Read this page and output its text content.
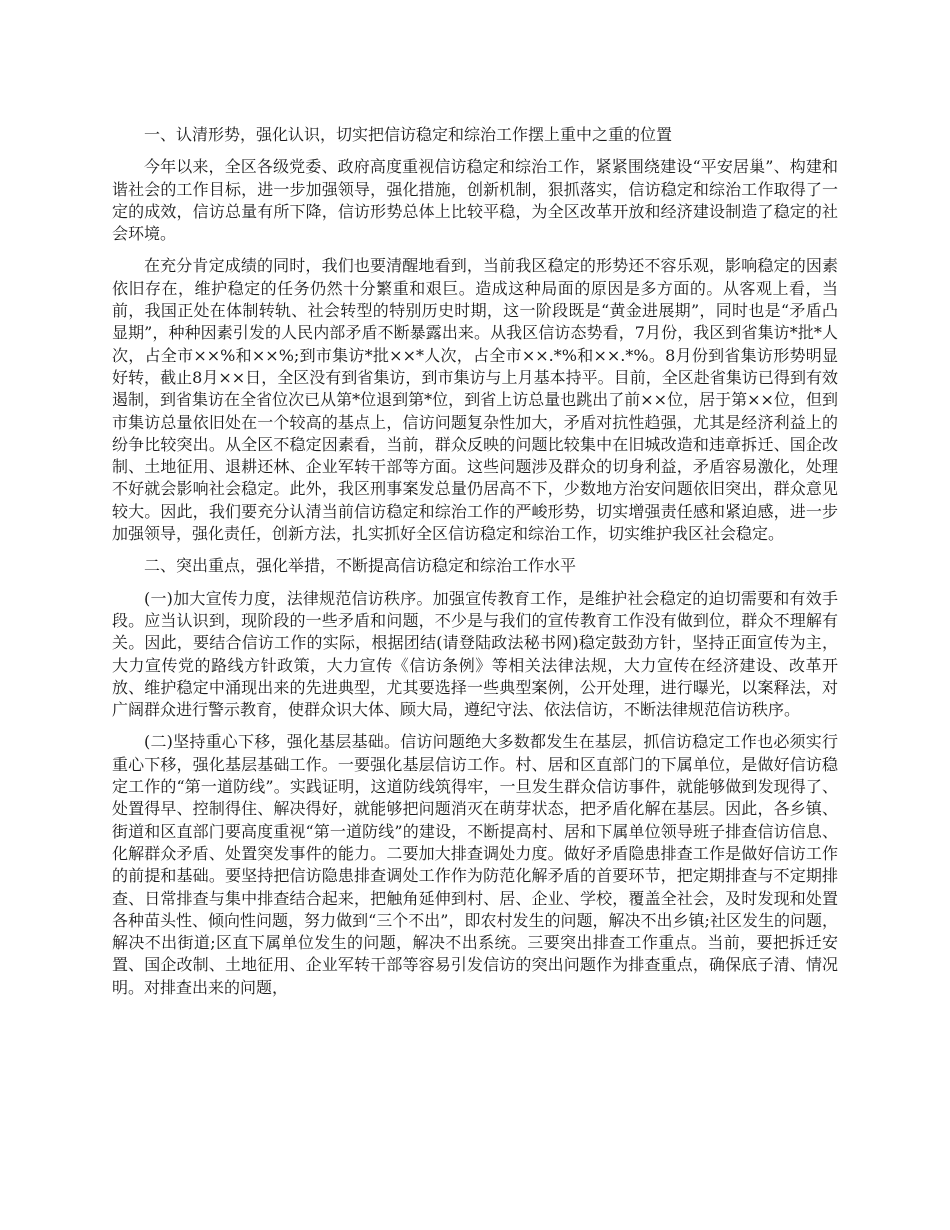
一、认清形势，强化认识，切实把信访稳定和综治工作摆上重中之重的位置

今年以来，全区各级党委、政府高度重视信访稳定和综治工作，紧紧围绕建设“平安居巢”、构建和谐社会的工作目标，进一步加强领导，强化措施，创新机制，狠抓落实，信访稳定和综治工作取得了一定的成效，信访总量有所下降，信访形势总体上比较平稳，为全区改革开放和经济建设制造了稳定的社会环境。

在充分肯定成绩的同时，我们也要清醒地看到，当前我区稳定的形势还不容乐观，影响稳定的因素依旧存在，维护稳定的任务仍然十分繁重和艰巨。造成这种局面的原因是多方面的。从客观上看，当前，我国正处在体制转轨、社会转型的特别历史时期，这一阶段既是“黄金进展期”，同时也是“矛盾凸显期”，种种因素引发的人民内部矛盾不断暴露出来。从我区信访态势看，7月份，我区到省集访*批*人次，占全市××%和××%;到市集访*批××*人次，占全市××.*%和××.*%。8月份到省集访形势明显好转，截止8月××日，全区没有到省集访，到市集访与上月基本持平。目前，全区赴省集访已得到有效遏制，到省集访在全省位次已从第*位退到第*位，到省上访总量也跳出了前××位，居于第××位，但到市集访总量依旧处在一个较高的基点上，信访问题复杂性加大，矛盾对抗性趋强，尤其是经济利益上的纷争比较突出。从全区不稳定因素看，当前，群众反映的问题比较集中在旧城改造和违章拆迁、国企改制、土地征用、退耕还林、企业军转干部等方面。这些问题涉及群众的切身利益，矛盾容易激化，处理不好就会影响社会稳定。此外，我区刑事案发总量仍居高不下，少数地方治安问题依旧突出，群众意见较大。因此，我们要充分认清当前信访稳定和综治工作的严峻形势，切实增强责任感和紧迫感，进一步加强领导，强化责任，创新方法，扎实抓好全区信访稳定和综治工作，切实维护我区社会稳定。

二、突出重点，强化举措，不断提高信访稳定和综治工作水平

(一)加大宣传力度，法律规范信访秩序。加强宣传教育工作，是维护社会稳定的迫切需要和有效手段。应当认识到，现阶段的一些矛盾和问题，不少是与我们的宣传教育工作没有做到位，群众不理解有关。因此，要结合信访工作的实际，根据团结(请登陆政法秘书网)稳定鼓劲方针，坚持正面宣传为主，大力宣传党的路线方针政策，大力宣传《信访条例》等相关法律法规，大力宣传在经济建设、改革开放、维护稳定中涌现出来的先进典型，尤其要选择一些典型案例，公开处理，进行曝光，以案释法，对广阔群众进行警示教育，使群众识大体、顾大局，遵纪守法、依法信访，不断法律规范信访秩序。

(二)坚持重心下移，强化基层基础。信访问题绝大多数都发生在基层，抓信访稳定工作也必须实行重心下移，强化基层基础工作。一要强化基层信访工作。村、居和区直部门的下属单位，是做好信访稳定工作的“第一道防线”。实践证明，这道防线筑得牢，一旦发生群众信访事件，就能够做到发现得了、处置得早、控制得住、解决得好，就能够把问题消灭在萌芽状态，把矛盾化解在基层。因此，各乡镇、街道和区直部门要高度重视“第一道防线”的建设，不断提高村、居和下属单位领导班子排查信访信息、化解群众矛盾、处置突发事件的能力。二要加大排查调处力度。做好矛盾隐患排查工作是做好信访工作的前提和基础。要坚持把信访隐患排查调处工作作为防范化解矛盾的首要环节，把定期排查与不定期排查、日常排查与集中排查结合起来，把触角延伸到村、居、企业、学校，覆盖全社会，及时发现和处置各种苗头性、倾向性问题，努力做到“三个不出”，即农村发生的问题，解决不出乡镇;社区发生的问题，解决不出街道;区直下属单位发生的问题，解决不出系统。三要突出排查工作重点。当前，要把拆迁安置、国企改制、土地征用、企业军转干部等容易引发信访的突出问题作为排查重点，确保底子清、情况明。对排查出来的问题，
